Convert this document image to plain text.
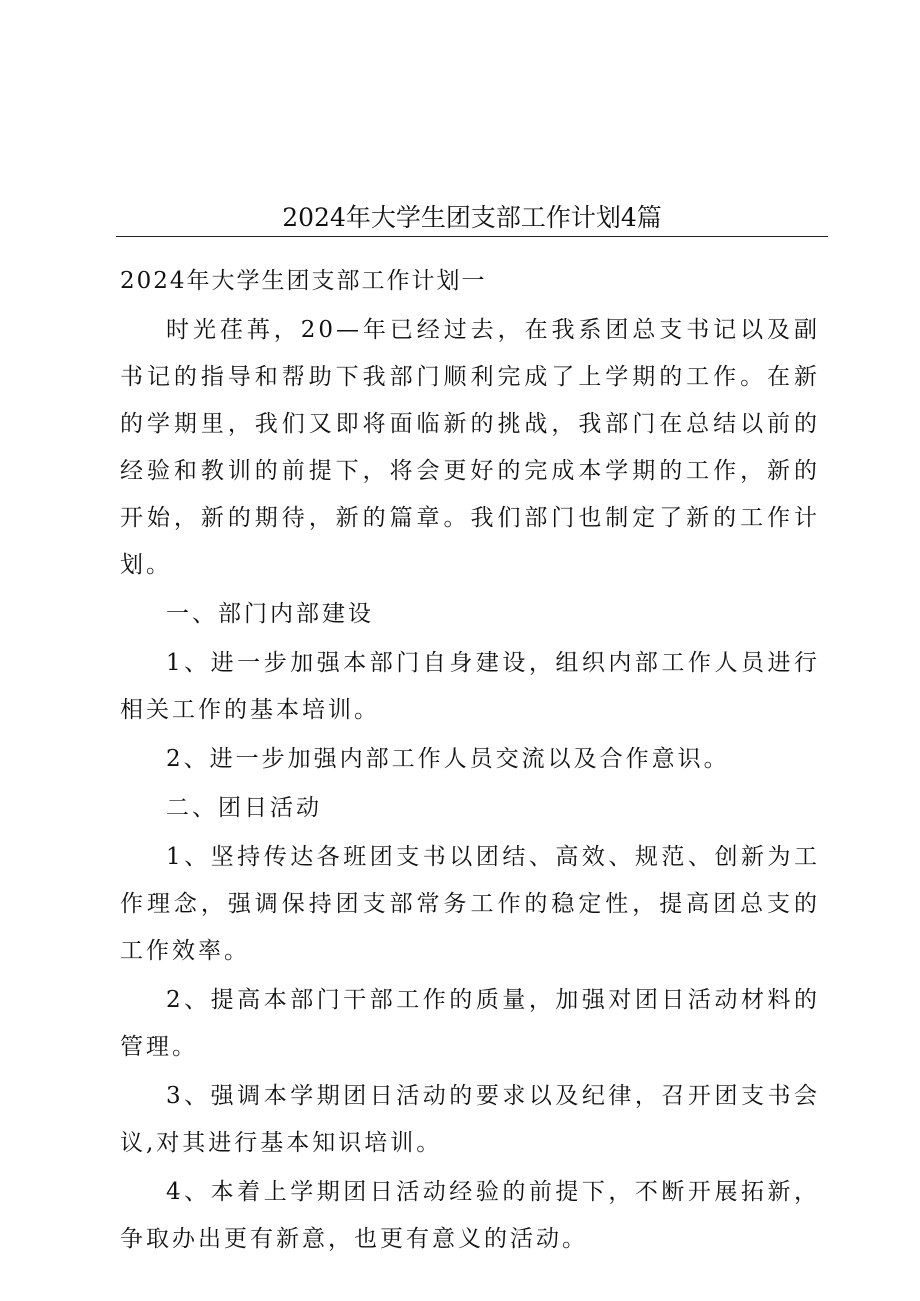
2024年大学生团支部工作计划4篇

2024年大学生团支部工作计划一

时光荏苒，20—年已经过去，在我系团总支书记以及副书记的指导和帮助下我部门顺利完成了上学期的工作。在新的学期里，我们又即将面临新的挑战，我部门在总结以前的经验和教训的前提下，将会更好的完成本学期的工作，新的开始，新的期待，新的篇章。我们部门也制定了新的工作计划。

一、部门内部建设

1、进一步加强本部门自身建设，组织内部工作人员进行相关工作的基本培训。

2、进一步加强内部工作人员交流以及合作意识。

二、团日活动

1、坚持传达各班团支书以团结、高效、规范、创新为工作理念，强调保持团支部常务工作的稳定性，提高团总支的工作效率。

2、提高本部门干部工作的质量，加强对团日活动材料的管理。

3、强调本学期团日活动的要求以及纪律，召开团支书会议,对其进行基本知识培训。

4、本着上学期团日活动经验的前提下，不断开展拓新，争取办出更有新意，也更有意义的活动。
